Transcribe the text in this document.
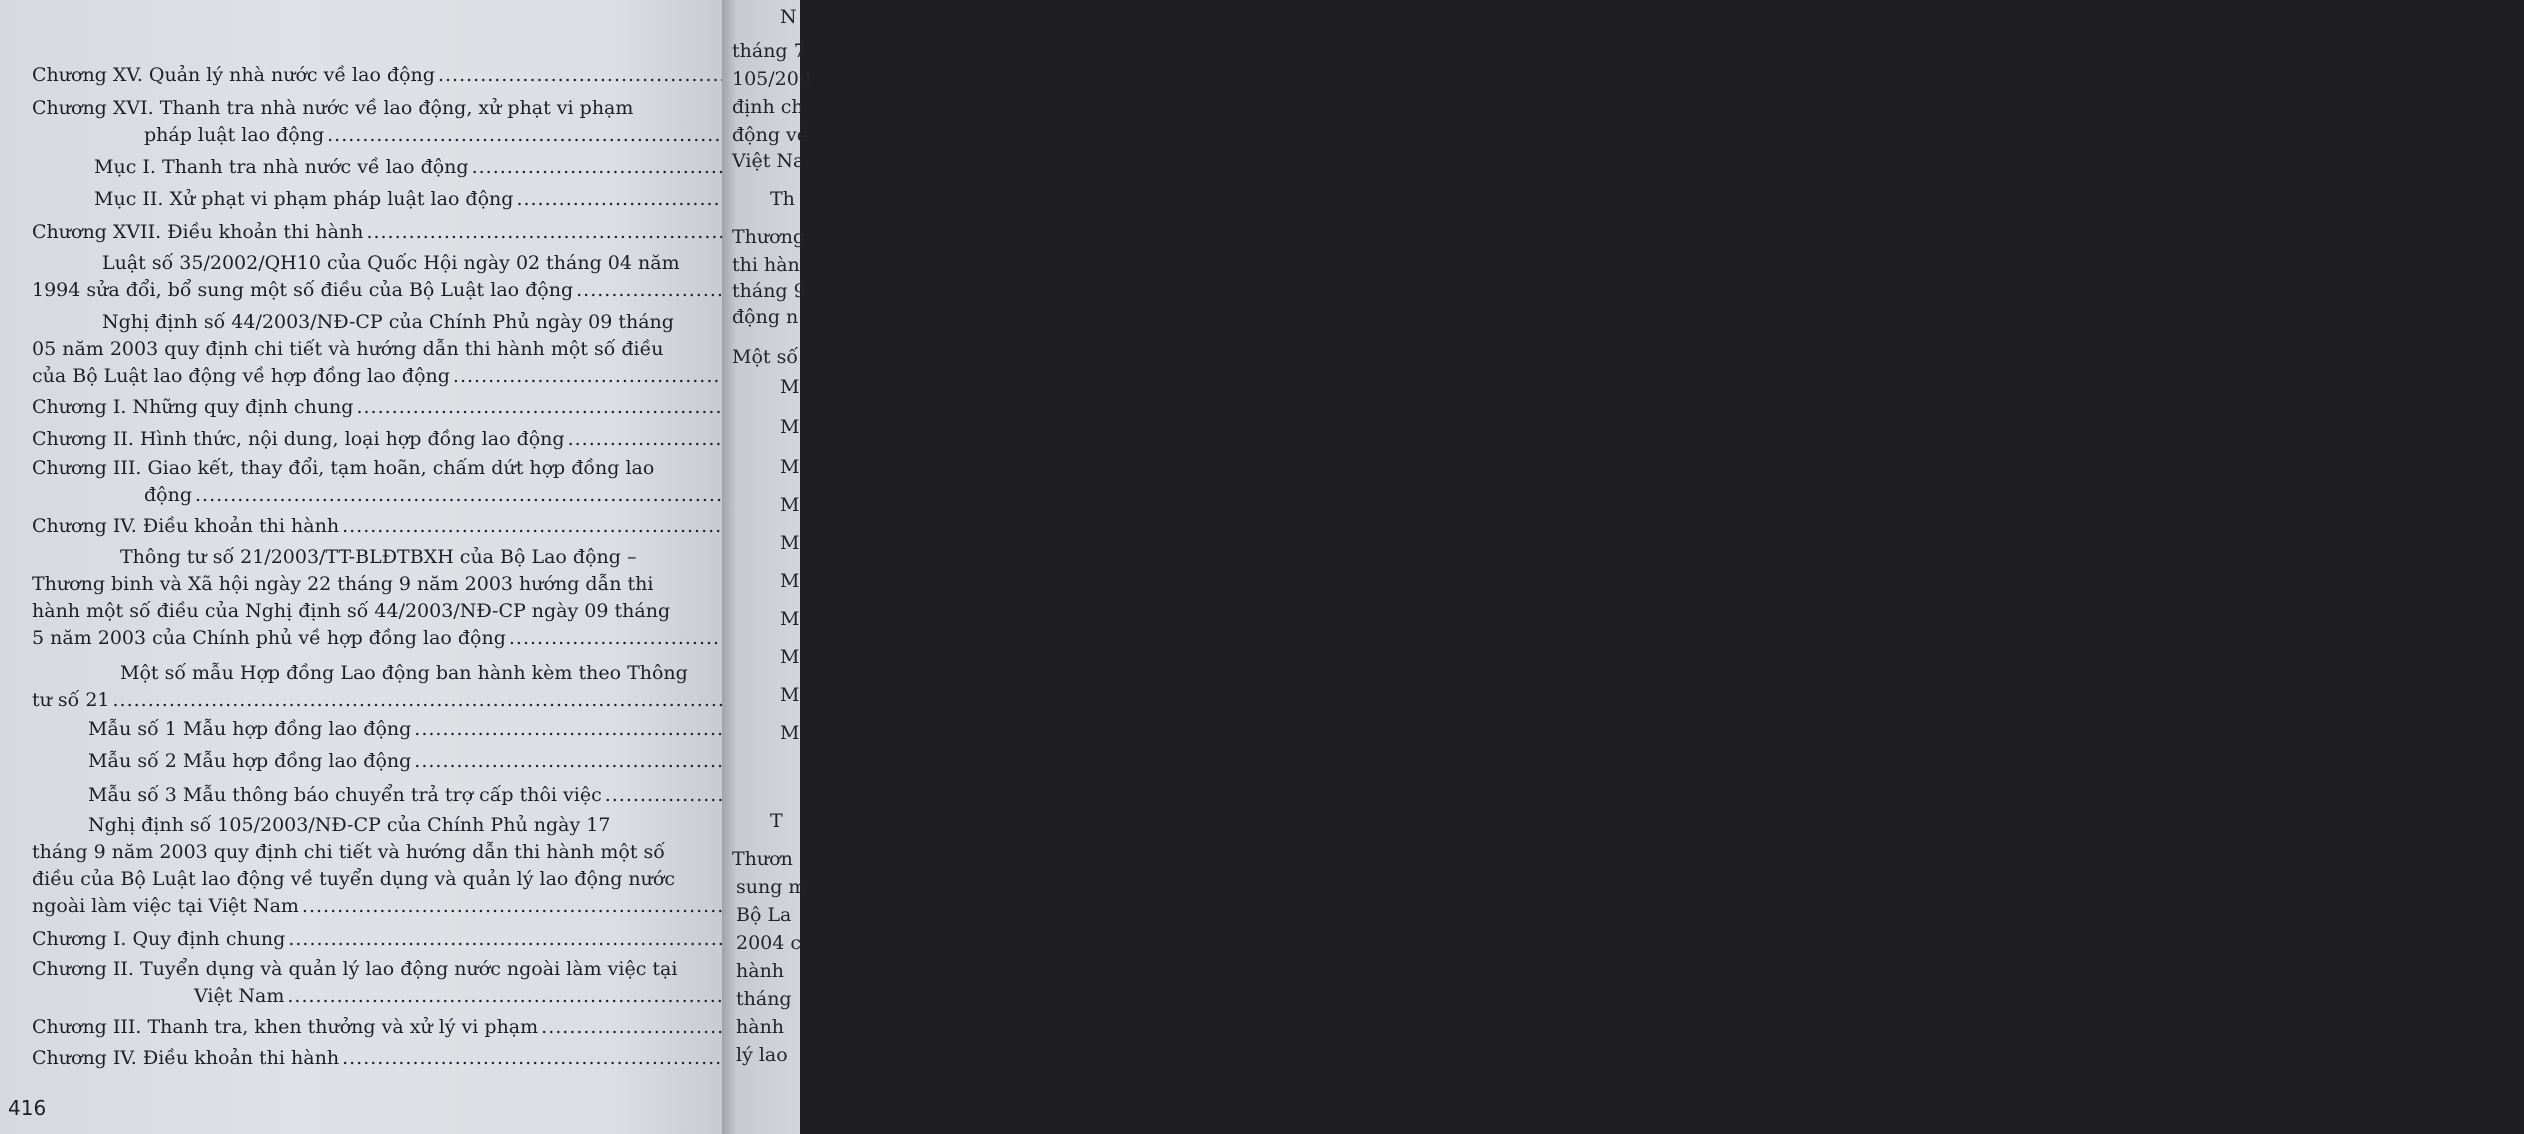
Chương XV. Quản lý nhà nước về lao động .....	55
Chương XVI. Thanh tra nhà nước về lao động, xử phạt vi phạm
pháp luật lao động .....	57
Mục I. Thanh tra nhà nước về lao động .....	57
Mục II. Xử phạt vi phạm pháp luật lao động .....	59
Chương XVII. Điều khoản thi hành .....	60
Luật số 35/2002/QH10 của Quốc Hội ngày 02 tháng 04 năm
1994 sửa đổi, bổ sung một số điều của Bộ Luật lao động .....	61
Nghị định số 44/2003/NĐ-CP của Chính Phủ ngày 09 tháng
05 năm 2003 quy định chi tiết và hướng dẫn thi hành một số điều
của Bộ Luật lao động về hợp đồng lao động .....	80
Chương I. Những quy định chung .....	80
Chương II. Hình thức, nội dung, loại hợp đồng lao động .....	82
Chương III. Giao kết, thay đổi, tạm hoãn, chấm dứt hợp đồng lao
động .....	83
Chương IV. Điều khoản thi hành .....	89
Thông tư số 21/2003/TT-BLĐTBXH của Bộ Lao động –
Thương binh và Xã hội ngày 22 tháng 9 năm 2003 hướng dẫn thi
hành một số điều của Nghị định số 44/2003/NĐ-CP ngày 09 tháng
5 năm 2003 của Chính phủ về hợp đồng lao động .....	90
Một số mẫu Hợp đồng Lao động ban hành kèm theo Thông
tư số 21 .....	98
Mẫu số 1 Mẫu hợp đồng lao động .....	98
Mẫu số 2 Mẫu hợp đồng lao động .....	102
Mẫu số 3 Mẫu thông báo chuyển trả trợ cấp thôi việc .....	104
Nghị định số 105/2003/NĐ-CP của Chính Phủ ngày 17
tháng 9 năm 2003 quy định chi tiết và hướng dẫn thi hành một số
điều của Bộ Luật lao động về tuyển dụng và quản lý lao động nước
ngoài làm việc tại Việt Nam .....	105
Chương I. Quy định chung .....	105
Chương II. Tuyển dụng và quản lý lao động nước ngoài làm việc tại
Việt Nam .....	106
Chương III. Thanh tra, khen thưởng và xử lý vi phạm .....	111
Chương IV. Điều khoản thi hành .....	112
416
N
tháng 7
105/200
định ch
động về
Việt Na
Th
Thương
thi hàn
tháng 9
động n
Một số
M
M
M
M
M
M
M
M
M
M
T
Thươn
sung m
Bộ La
2004 c
hành
tháng
hành
lý lao
